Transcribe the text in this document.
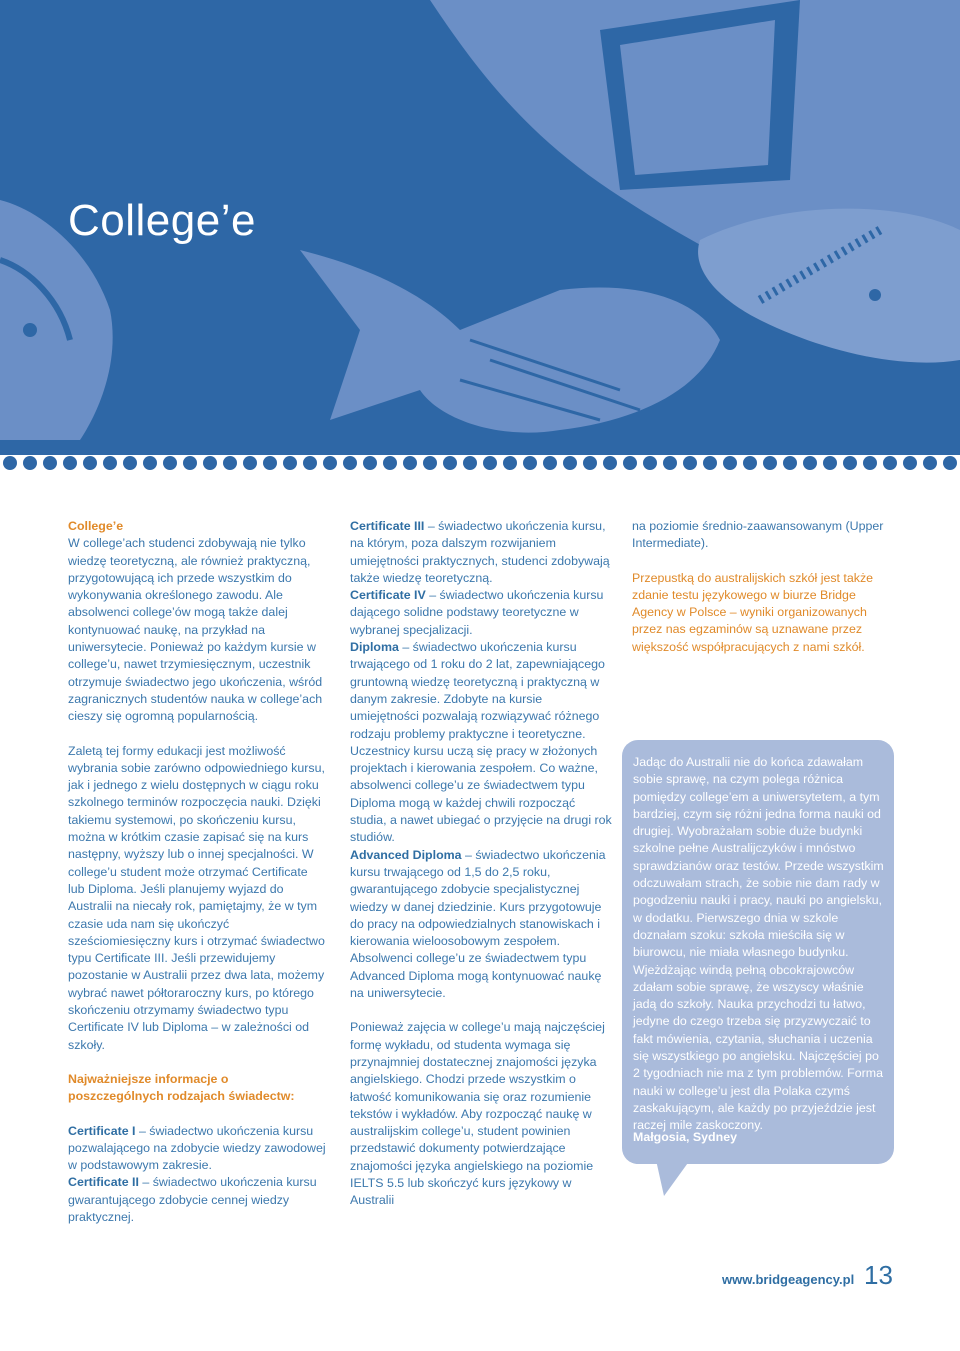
College’e

College’e

W college’ach studenci zdobywają nie tylko wiedzę teoretyczną, ale również praktyczną, przygotowującą ich przede wszystkim do wykonywania określonego zawodu. Ale absolwenci college’ów mogą także dalej kontynuować naukę, na przykład na uniwersytecie. Ponieważ po każdym kursie w college’u, nawet trzymiesięcznym, uczestnik otrzymuje świadectwo jego ukończenia, wśród zagranicznych studentów nauka w college’ach cieszy się ogromną popularnością.

Zaletą tej formy edukacji jest możliwość wybrania sobie zarówno odpowiedniego kursu, jak i jednego z wielu dostępnych w ciągu roku szkolnego terminów rozpoczęcia nauki. Dzięki takiemu systemowi, po skończeniu kursu, można w krótkim czasie zapisać się na kurs następny, wyższy lub o innej specjalności. W college’u student może otrzymać Certificate lub Diploma. Jeśli planujemy wyjazd do Australii na niecały rok, pamiętajmy, że w tym czasie uda nam się ukończyć sześciomiesięczny kurs i otrzymać świadectwo typu Certificate III. Jeśli przewidujemy pozostanie w Australii przez dwa lata, możemy wybrać nawet półtoraroczny kurs, po którego skończeniu otrzymamy świadectwo typu Certificate IV lub Diploma – w zależności od szkoły.

Najważniejsze informacje o poszczególnych rodzajach świadectw:

Certificate I – świadectwo ukończenia kursu pozwalającego na zdobycie wiedzy zawodowej w podstawowym zakresie.

Certificate II – świadectwo ukończenia kursu gwarantującego zdobycie cennej wiedzy praktycznej.

Certificate III – świadectwo ukończenia kursu, na którym, poza dalszym rozwijaniem umiejętności praktycznych, studenci zdobywają także wiedzę teoretyczną.

Certificate IV – świadectwo ukończenia kursu dającego solidne podstawy teoretyczne w wybranej specjalizacji.

Diploma – świadectwo ukończenia kursu trwającego od 1 roku do 2 lat, zapewniającego gruntowną wiedzę teoretyczną i praktyczną w danym zakresie. Zdobyte na kursie umiejętności pozwalają rozwiązywać różnego rodzaju problemy praktyczne i teoretyczne. Uczestnicy kursu uczą się pracy w złożonych projektach i kierowania zespołem. Co ważne, absolwenci college’u ze świadectwem typu Diploma mogą w każdej chwili rozpocząć studia, a nawet ubiegać o przyjęcie na drugi rok studiów.

Advanced Diploma – świadectwo ukończenia kursu trwającego od 1,5 do 2,5 roku, gwarantującego zdobycie specjalistycznej wiedzy w danej dziedzinie. Kurs przygotowuje do pracy na odpowiedzialnych stanowiskach i kierowania wieloosobowym zespołem. Absolwenci college’u ze świadectwem typu Advanced Diploma mogą kontynuować naukę na uniwersytecie.

Ponieważ zajęcia w college’u mają najczęściej formę wykładu, od studenta wymaga się przynajmniej dostatecznej znajomości języka angielskiego. Chodzi przede wszystkim o łatwość komunikowania się oraz rozumienie tekstów i wykładów. Aby rozpocząć naukę w australijskim college’u, student powinien przedstawić dokumenty potwierdzające znajomości języka angielskiego na poziomie IELTS 5.5 lub skończyć kurs językowy w Australii

na poziomie średnio-zaawansowanym (Upper Intermediate).

Przepustką do australijskich szkół jest także zdanie testu językowego w biurze Bridge Agency w Polsce – wyniki organizowanych przez nas egzaminów są uznawane przez większość współpracujących z nami szkół.

Jadąc do Australii nie do końca zdawałam sobie sprawę, na czym polega różnica pomiędzy college’em a uniwersytetem, a tym bardziej, czym się różni jedna forma nauki od drugiej. Wyobrażałam sobie duże budynki szkolne pełne Australijczyków i mnóstwo sprawdzianów oraz testów. Przede wszystkim odczuwałam strach, że sobie nie dam rady w pogodzeniu nauki i pracy, nauki po angielsku, w dodatku. Pierwszego dnia w szkole doznałam szoku: szkoła mieściła się w biurowcu, nie miała własnego budynku. Wjeżdżając windą pełną obcokrajowców zdałam sobie sprawę, że wszyscy właśnie jadą do szkoły. Nauka przychodzi tu łatwo, jedyne do czego trzeba się przyzwyczaić to fakt mówienia, czytania, słuchania i uczenia się wszystkiego po angielsku. Najczęściej po 2 tygodniach nie ma z tym problemów. Forma nauki w college’u jest dla Polaka czymś zaskakującym, ale każdy po przyjeździe jest raczej mile zaskoczony.

Małgosia, Sydney
www.bridgeagency.pl 13
